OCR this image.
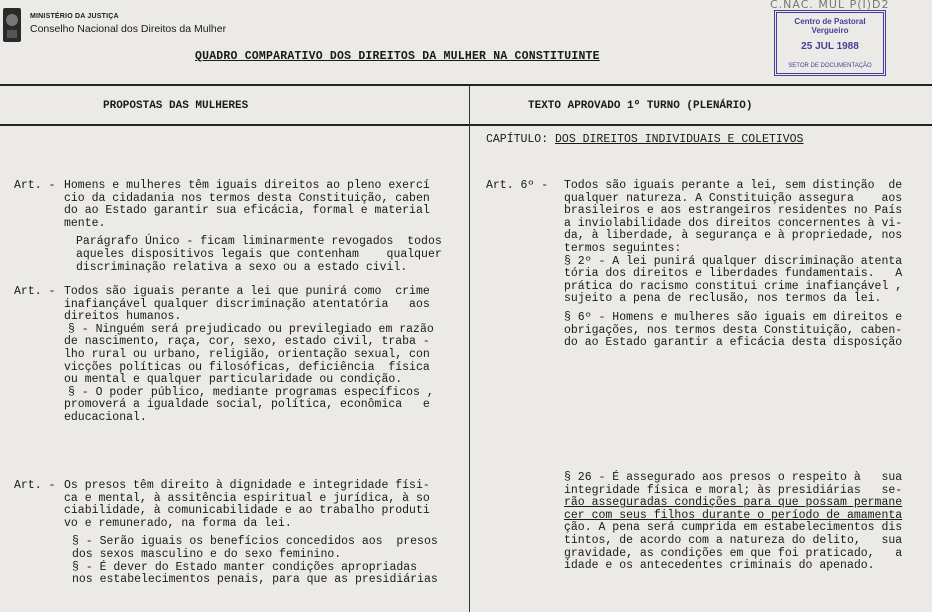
MINISTÉRIO DA JUSTIÇA
Conselho Nacional dos Direitos da Mulher
C.NAC. MUL P(I)D2
Centro de Pastoral Vergueiro
25 JUL 1988
SETOR DE DOCUMENTAÇÃO
QUADRO COMPARATIVO DOS DIREITOS DA MULHER NA CONSTITUINTE
PROPOSTAS DAS MULHERES	TEXTO APROVADO 1º TURNO (PLENÁRIO)
CAPÍTULO: DOS DIREITOS INDIVIDUAIS E COLETIVOS
Art. - Homens e mulheres têm iguais direitos ao pleno exercí
cio da cidadania nos termos desta Constituição, caben
do ao Estado garantir sua eficácia, formal e material
mente.
Parágrafo Único - ficam liminarmente revogados  todos
aqueles dispositivos legais que contenham    qualquer
discriminação relativa a sexo ou a estado civil.
Art. - Todos são iguais perante a lei que punirá como  crime
inafiançável qualquer discriminação atentatória   aos
direitos humanos.
§ - Ninguém será prejudicado ou previlegiado em razão
de nascimento, raça, cor, sexo, estado civil, traba -
lho rural ou urbano, religião, orientação sexual, con
vicções políticas ou filosóficas, deficiência  física
ou mental e qualquer particularidade ou condição.
§ - O poder público, mediante programas específicos ,
promoverá a igualdade social, política, econômica   e
educacional.
Art. - Os presos têm direito à dignidade e integridade físi-
ca e mental, à assitência espiritual e jurídica, à so
ciabilidade, à comunicabilidade e ao trabalho produti
vo e remunerado, na forma da lei.
§ - Serão iguais os benefícios concedidos aos  presos
dos sexos masculino e do sexo feminino.
§ - É dever do Estado manter condições apropriadas
nos estabelecimentos penais, para que as presidiárias
Art. 6º - Todos são iguais perante a lei, sem distinção  de
qualquer natureza. A Constituição assegura    aos
brasileiros e aos estrangeiros residentes no País
a inviolabilidade dos direitos concernentes à vi-
da, à liberdade, à segurança e à propriedade, nos
termos seguintes:
§ 2º - A lei punirá qualquer discriminação atenta
tória dos direitos e liberdades fundamentais.   A
prática do racismo constitui crime inafiançável ,
sujeito a pena de reclusão, nos termos da lei.
§ 6º - Homens e mulheres são iguais em direitos e
obrigações, nos termos desta Constituição, caben-
do ao Estado garantir a eficácia desta disposição
§ 26 - É assegurado aos presos o respeito à   sua
integridade física e moral; às presidiárias   se-
rão asseguradas condições para que possam permane
cer com seus filhos durante o período de amamenta
ção. A pena será cumprida em estabelecimentos dis
tintos, de acordo com a natureza do delito,   sua
gravidade, as condições em que foi praticado,   a
idade e os antecedentes criminais do apenado.
